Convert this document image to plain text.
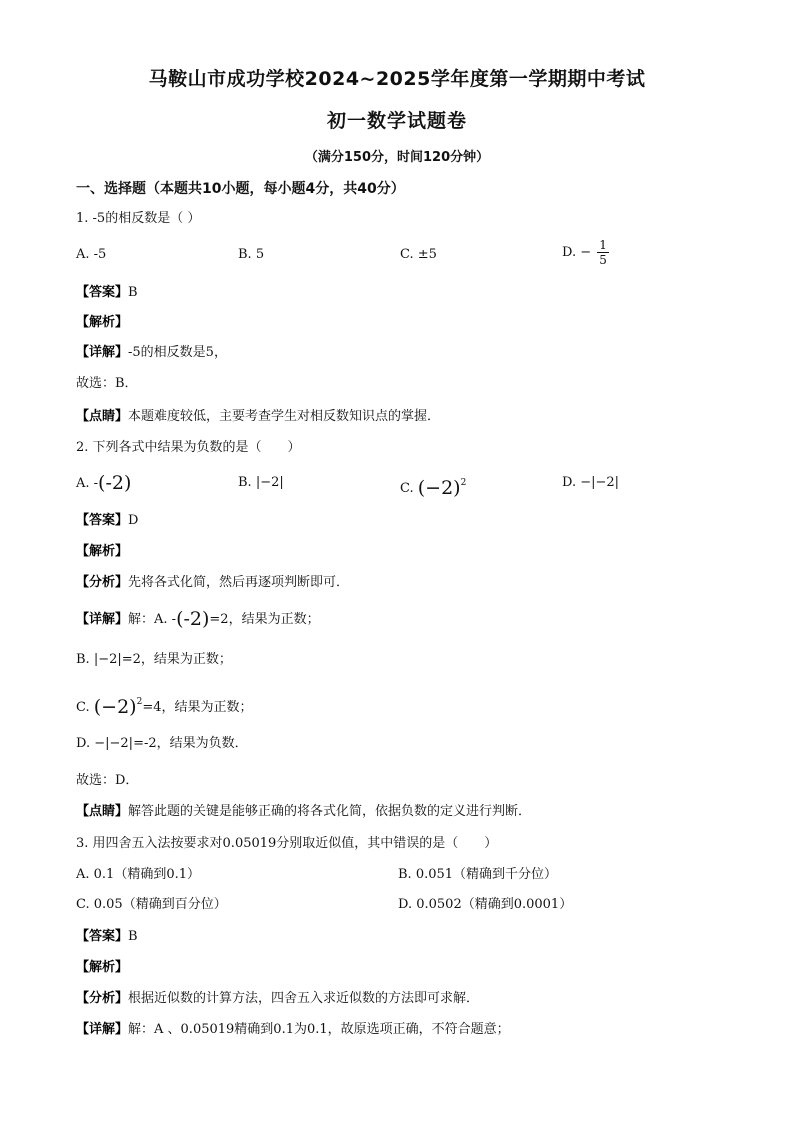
马鞍山市成功学校2024~2025学年度第一学期期中考试
初一数学试题卷
（满分150分，时间120分钟）
一、选择题（本题共10小题，每小题4分，共40分）
1. -5的相反数是（ ）
A. -5	B. 5	C. ±5	D. − $\frac{1}{5}$
【答案】B
【解析】
【详解】-5的相反数是5，
故选：B．
【点睛】本题难度较低，主要考查学生对相反数知识点的掌握．
2. 下列各式中结果为负数的是（　　）
A. -(-2)	B. |−2|	C. $(-2)^2$	D. −|−2|
【答案】D
【解析】
【分析】先将各式化简，然后再逐项判断即可．
【详解】解：A. -(-2)=2，结果为正数；
B. |−2|=2，结果为正数；
C. $(-2)^2=4$，结果为正数；
D. −|−2|=-2，结果为负数．
故选：D．
【点睛】解答此题的关键是能够正确的将各式化简，依据负数的定义进行判断．
3. 用四舍五入法按要求对0.05019分别取近似值，其中错误的是（　　）
A. 0.1（精确到0.1）	B. 0.051（精确到千分位）
C. 0.05（精确到百分位）	D. 0.0502（精确到0.0001）
【答案】B
【解析】
【分析】根据近似数的计算方法，四舍五入求近似数的方法即可求解．
【详解】解：A 、0.05019精确到0.1为0.1，故原选项正确，不符合题意；
